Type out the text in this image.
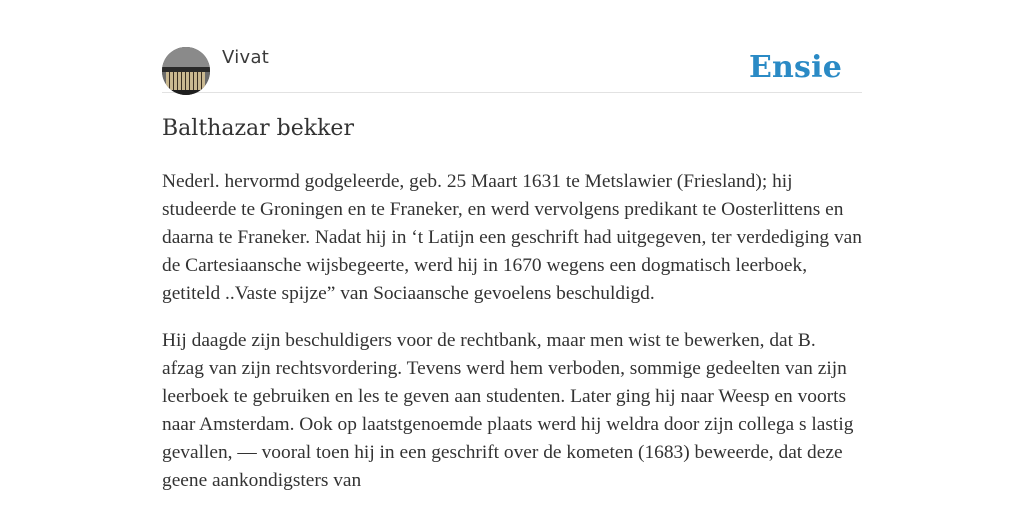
Vivat	Ensie
Balthazar bekker

Nederl. hervormd godgeleerde, geb. 25 Maart 1631 te Metslawier (Friesland); hij studeerde te Groningen en te Franeker, en werd vervolgens predikant te Oosterlittens en daarna te Franeker. Nadat hij in ‘t Latijn een geschrift had uitgegeven, ter verdediging van de Cartesiaansche wijsbegeerte, werd hij in 1670 wegens een dogmatisch leerboek, getiteld ..Vaste spijze” van Sociaansche gevoelens beschuldigd.

Hij daagde zijn beschuldigers voor de rechtbank, maar men wist te bewerken, dat B. afzag van zijn rechtsvordering. Tevens werd hem verboden, sommige gedeelten van zijn leerboek te gebruiken en les te geven aan studenten. Later ging hij naar Weesp en voorts naar Amsterdam. Ook op laatstgenoemde plaats werd hij weldra door zijn collega s lastig gevallen, — vooral toen hij in een geschrift over de kometen (1683) beweerde, dat deze geene aankondigsters van
